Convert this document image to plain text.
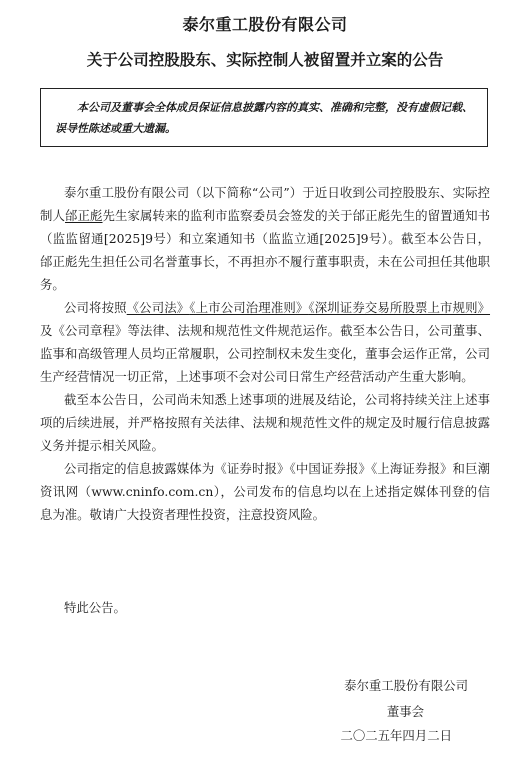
泰尔重工股份有限公司
关于公司控股股东、实际控制人被留置并立案的公告
本公司及董事会全体成员保证信息披露内容的真实、准确和完整，没有虚假记载、误导性陈述或重大遗漏。

泰尔重工股份有限公司（以下简称“公司”）于近日收到公司控股股东、实际控制人邰正彪先生家属转来的监利市监察委员会签发的关于邰正彪先生的留置通知书（监监留通[2025]9号）和立案通知书（监监立通[2025]9号）。截至本公告日，邰正彪先生担任公司名誉董事长，不再担亦不履行董事职责，未在公司担任其他职务。

公司将按照《公司法》《上市公司治理准则》《深圳证券交易所股票上市规则》及《公司章程》等法律、法规和规范性文件规范运作。截至本公告日，公司董事、监事和高级管理人员均正常履职，公司控制权未发生变化，董事会运作正常，公司生产经营情况一切正常，上述事项不会对公司日常生产经营活动产生重大影响。

截至本公告日，公司尚未知悉上述事项的进展及结论，公司将持续关注上述事项的后续进展，并严格按照有关法律、法规和规范性文件的规定及时履行信息披露义务并提示相关风险。

公司指定的信息披露媒体为《证券时报》《中国证券报》《上海证券报》和巨潮资讯网（www.cninfo.com.cn），公司发布的信息均以在上述指定媒体刊登的信息为准。敬请广大投资者理性投资，注意投资风险。

特此公告。
泰尔重工股份有限公司
董事会
二〇二五年四月二日
